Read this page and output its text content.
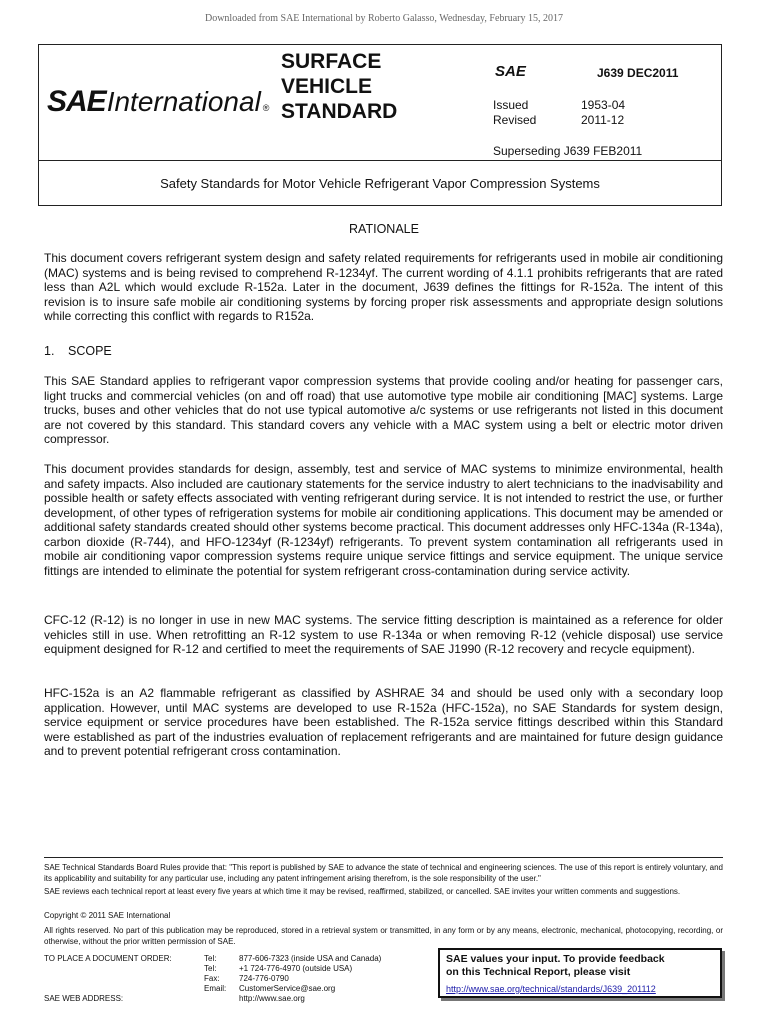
Downloaded from SAE International by Roberto Galasso, Wednesday, February 15, 2017
SAE International ®
SURFACE
VEHICLE
STANDARD
SAE	J639 DEC2011
Issued	1953-04
Revised	2011-12
Superseding J639 FEB2011
Safety Standards for Motor Vehicle Refrigerant Vapor Compression Systems
RATIONALE
This document covers refrigerant system design and safety related requirements for refrigerants used in mobile air conditioning (MAC) systems and is being revised to comprehend R-1234yf. The current wording of 4.1.1 prohibits refrigerants that are rated less than A2L which would exclude R-152a. Later in the document, J639 defines the fittings for R-152a. The intent of this revision is to insure safe mobile air conditioning systems by forcing proper risk assessments and appropriate design solutions while correcting this conflict with regards to R152a.
1. SCOPE
This SAE Standard applies to refrigerant vapor compression systems that provide cooling and/or heating for passenger cars, light trucks and commercial vehicles (on and off road) that use automotive type mobile air conditioning [MAC] systems. Large trucks, buses and other vehicles that do not use typical automotive a/c systems or use refrigerants not listed in this document are not covered by this standard. This standard covers any vehicle with a MAC system using a belt or electric motor driven compressor.
This document provides standards for design, assembly, test and service of MAC systems to minimize environmental, health and safety impacts. Also included are cautionary statements for the service industry to alert technicians to the inadvisability and possible health or safety effects associated with venting refrigerant during service. It is not intended to restrict the use, or further development, of other types of refrigeration systems for mobile air conditioning applications. This document may be amended or additional safety standards created should other systems become practical. This document addresses only HFC-134a (R-134a), carbon dioxide (R-744), and HFO-1234yf (R-1234yf) refrigerants. To prevent system contamination all refrigerants used in mobile air conditioning vapor compression systems require unique service fittings and service equipment. The unique service fittings are intended to eliminate the potential for system refrigerant cross-contamination during service activity.
CFC-12 (R-12) is no longer in use in new MAC systems. The service fitting description is maintained as a reference for older vehicles still in use. When retrofitting an R-12 system to use R-134a or when removing R-12 (vehicle disposal) use service equipment designed for R-12 and certified to meet the requirements of SAE J1990 (R-12 recovery and recycle equipment).
HFC-152a is an A2 flammable refrigerant as classified by ASHRAE 34 and should be used only with a secondary loop application. However, until MAC systems are developed to use R-152a (HFC-152a), no SAE Standards for system design, service equipment or service procedures have been established. The R-152a service fittings described within this Standard were established as part of the industries evaluation of replacement refrigerants and are maintained for future design guidance and to prevent potential refrigerant cross contamination.
SAE Technical Standards Board Rules provide that: "This report is published by SAE to advance the state of technical and engineering sciences. The use of this report is entirely voluntary, and its applicability and suitability for any particular use, including any patent infringement arising therefrom, is the sole responsibility of the user."
SAE reviews each technical report at least every five years at which time it may be revised, reaffirmed, stabilized, or cancelled. SAE invites your written comments and suggestions.
Copyright © 2011 SAE International
All rights reserved. No part of this publication may be reproduced, stored in a retrieval system or transmitted, in any form or by any means, electronic, mechanical, photocopying, recording, or otherwise, without the prior written permission of SAE.
TO PLACE A DOCUMENT ORDER:	Tel:	877-606-7323 (inside USA and Canada)
Tel:	+1 724-776-4970 (outside USA)
Fax:	724-776-0790
Email:	CustomerService@sae.org
SAE WEB ADDRESS:	http://www.sae.org
SAE values your input. To provide feedback
on this Technical Report, please visit
http://www.sae.org/technical/standards/J639_201112
